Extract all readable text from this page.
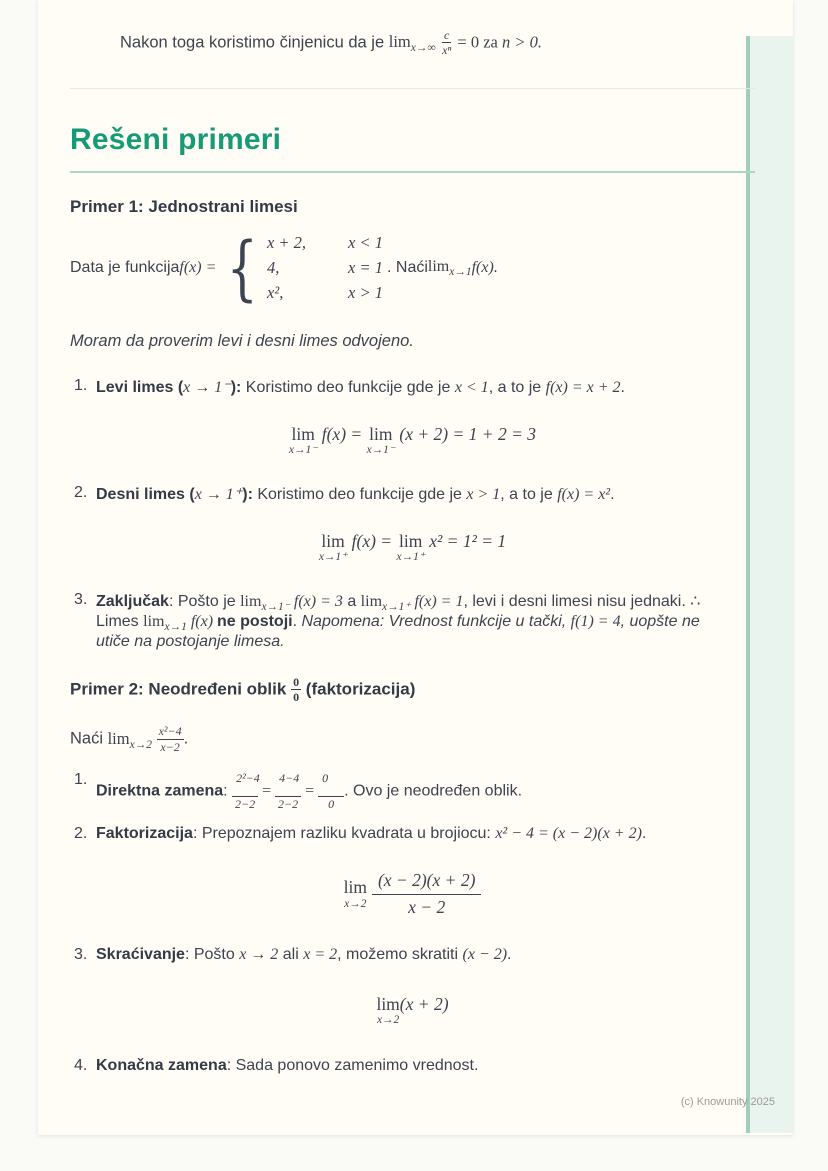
Nakon toga koristimo činjenicu da je $\lim_{x\to\infty} \frac{c}{\text{xⁿ}} = 0$ za n > 0.

Rešeni primeri
Primer 1: Jednostrani limesi
Data je funkcija f(x) = { x + 2,	x < 1
4,	x = 1
x²,	x > 1
. Naći $\lim_{x\to 1} f(x)$.

Moram da proverim levi i desni limes odvojeno.

1. Levi limes (x → 1⁻): Koristimo deo funkcije gde je x < 1, a to je f(x) = x + 2.
lim
x→1⁻
f(x) = lim
x→1⁻
(x + 2) = 1 + 2 = 3
2. Desni limes (x → 1⁺): Koristimo deo funkcije gde je x > 1, a to je f(x) = x².
lim
x→1⁺
f(x) = lim
x→1⁺
x² = 1² = 1
3. Zaključak: Pošto je $\lim_{x\to 1^-} f(x) = 3$ a $\lim_{x\to 1^+} f(x) = 1$, levi i desni limesi nisu jednaki. ∴ Limes $\lim_{x\to 1} f(x)$ ne postoji. Napomena: Vrednost funkcije u tački, f(1) = 4, uopšte ne utiče na postojanje limesa.
Primer 2: Neodređeni oblik $\frac{0}{0}$ (faktorizacija)

Naći $\lim_{x\to 2} \frac{\text{x²−4}}{x-2}$ .

1.
Direktna zamena: $\frac{\text{2²−4}}{2-2} = \frac{4-4}{2-2} = \frac{0}{0}$ . Ovo je neodređen oblik.
2. Faktorizacija: Prepoznajem razliku kvadrata u brojiocu: x² − 4 = (x − 2)(x + 2).
lim
$x\to 2 \frac{(x - 2)(x + 2)}{x - 2}$
3. Skraćivanje: Pošto x → 2 ali x = 2, možemo skratiti (x − 2).
lim
x→2
(x + 2)
4. Konačna zamena: Sada ponovo zamenimo vrednost.
(c) Knowunity 2025
